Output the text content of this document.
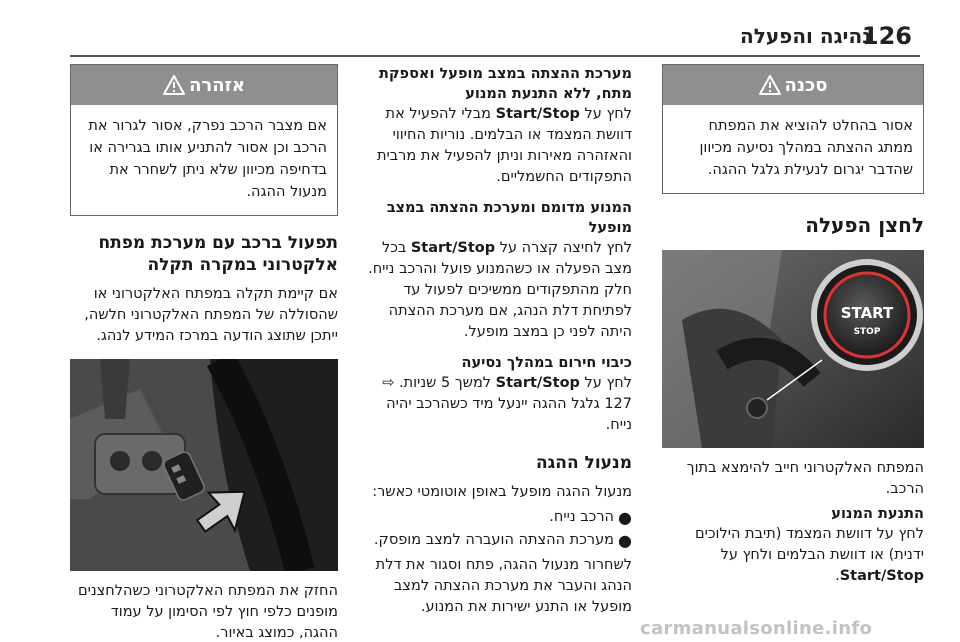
126
נהיגה והפעלה
סכנה
אסור בהחלט להוציא את המפתח ממתג ההצתה במהלך נסיעה מכיוון שהדבר יגרום לנעילת גלגל ההגה.
לחצן הפעלה
START
STOP
המפתח האלקטרוני חייב להימצא בתוך הרכב.
התנעת המנוע

לחץ על דוושת המצמד (תיבת הילוכים ידנית) או דוושת הבלמים ולחץ על Start/Stop.

מערכת ההצתה במצב מופעל ואספקת מתח, ללא התנעת המנוע

לחץ על Start/Stop מבלי להפעיל את דוושת המצמד או הבלמים. נוריות החיווי והאזהרה מאירות וניתן להפעיל את מרבית התפקודים החשמליים.

המנוע מדומם ומערכת ההצתה במצב מופעל

לחץ לחיצה קצרה על Start/Stop בכל מצב הפעלה או כשהמנוע פועל והרכב נייח. חלק מהתפקודים ממשיכים לפעול עד לפתיחת דלת הנהג, אם מערכת ההצתה היתה לפני כן במצב מופעל.

כיבוי חירום במהלך נסיעה

לחץ על Start/Stop למשך 5 שניות. ⇨ 127 גלגל ההגה יינעל מיד כשהרכב יהיה נייח.

מנעול ההגה

מנעול ההגה מופעל באופן אוטומטי כאשר:

●
הרכב נייח.
●
מערכת ההצתה הועברה למצב מופסק.

לשחרור מנעול ההגה, פתח וסגור את דלת הנהג והעבר את מערכת ההצתה למצב מופעל או התנע ישירות את המנוע.

אזהרה
אם מצבר הרכב נפרק, אסור לגרור את הרכב וכן אסור להתניע אותו בגרירה או בדחיפה מכיוון שלא ניתן לשחרר את מנעול ההגה.
תפעול ברכב עם מערכת מפתח אלקטרוני במקרה תקלה

אם קיימת תקלה במפתח האלקטרוני או שהסוללה של המפתח האלקטרוני חלשה, ייתכן שתוצג הודעה במרכז המידע לנהג.

החזק את המפתח האלקטרוני כשהלחצנים מופנים כלפי חוץ לפי הסימון על עמוד ההגה, כמוצג באיור.	carmanualsonline.info
